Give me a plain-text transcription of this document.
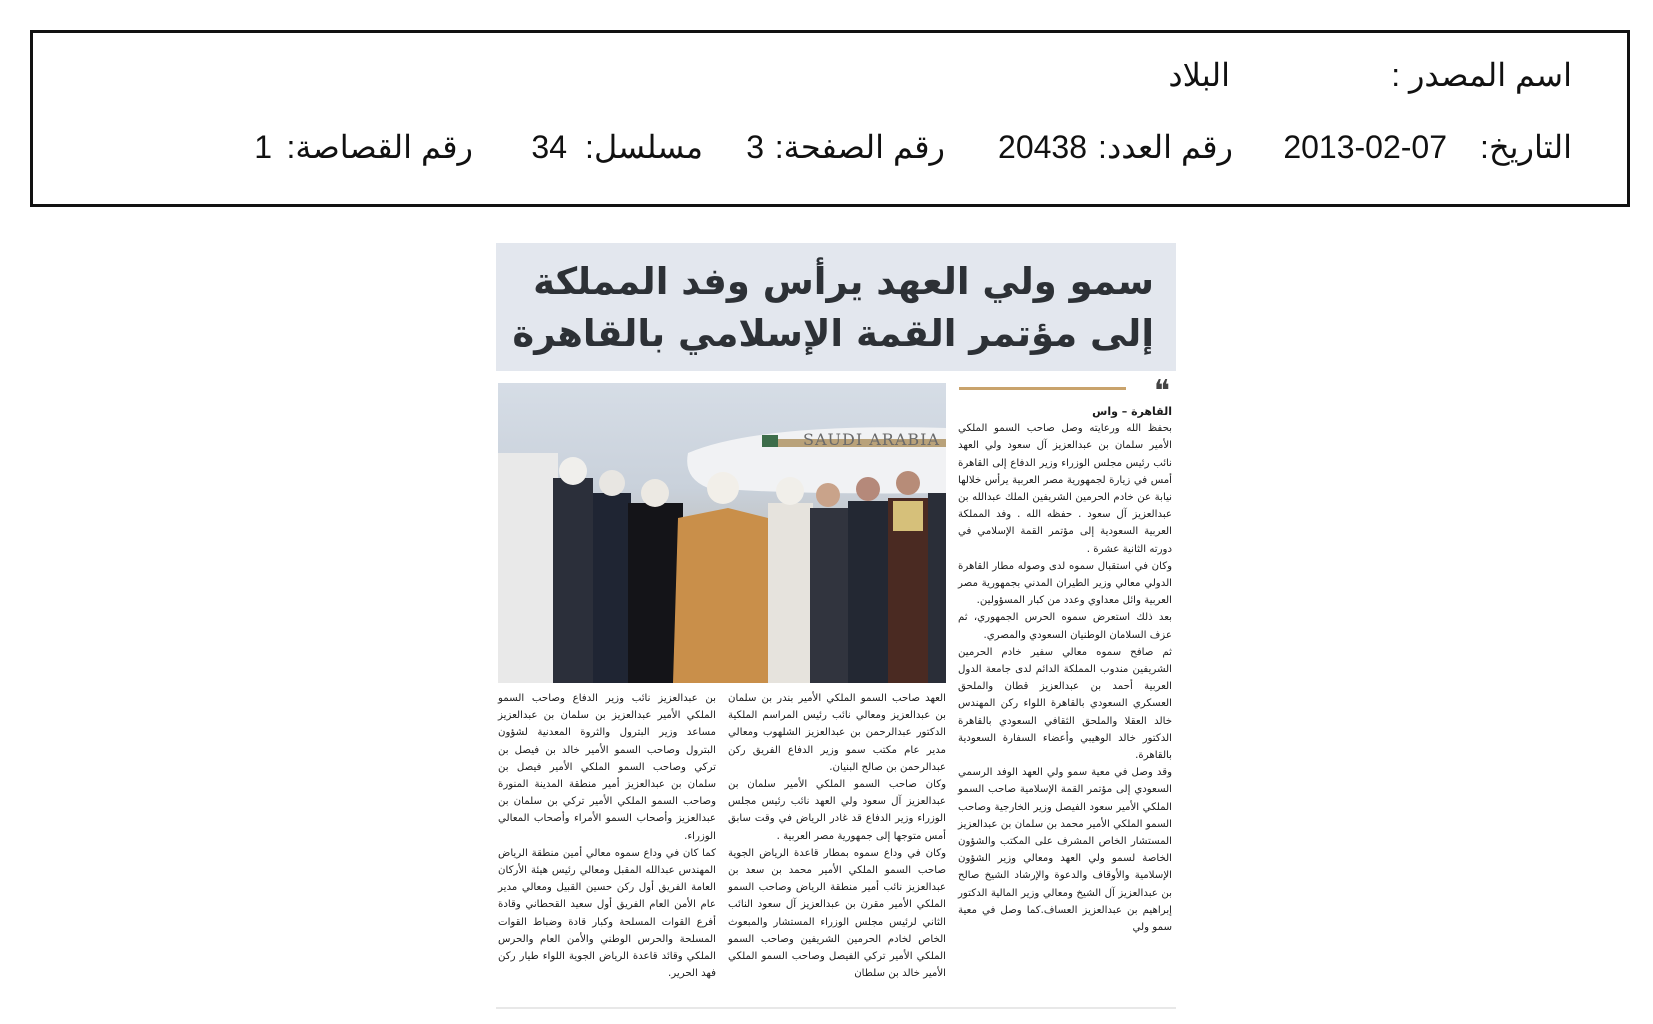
اسم المصدر :
البلاد
التاريخ:
2013-02-07
رقم العدد:
20438
رقم الصفحة:
3
مسلسل:
34
رقم القصاصة:
1
سمو ولي العهد يرأس وفد المملكة
إلى مؤتمر القمة الإسلامي بالقاهرة
SAUDI ARABIA
❝

القاهرة – واس

بحفظ الله ورعايته وصل صاحب السمو الملكي الأمير سلمان بن عبدالعزيز آل سعود ولي العهد نائب رئيس مجلس الوزراء وزير الدفاع إلى القاهرة أمس في زيارة لجمهورية مصر العربية يرأس خلالها نيابة عن خادم الحرمين الشريفين الملك عبدالله بن عبدالعزيز آل سعود . حفظه الله . وفد المملكة العربية السعودية إلى مؤتمر القمة الإسلامي في دورته الثانية عشرة .

وكان في استقبال سموه لدى وصوله مطار القاهرة الدولي معالي وزير الطيران المدني بجمهورية مصر العربية وائل معداوي وعدد من كبار المسؤولين.

بعد ذلك استعرض سموه الحرس الجمهوري، ثم عزف السلامان الوطنيان السعودي والمصري.

ثم صافح سموه معالي سفير خادم الحرمين الشريفين مندوب المملكة الدائم لدى جامعة الدول العربية أحمد بن عبدالعزيز قطان والملحق العسكري السعودي بالقاهرة اللواء ركن المهندس خالد العقلا والملحق الثقافي السعودي بالقاهرة الدكتور خالد الوهيبي وأعضاء السفارة السعودية بالقاهرة.

وقد وصل في معية سمو ولي العهد الوفد الرسمي السعودي إلى مؤتمر القمة الإسلامية صاحب السمو الملكي الأمير سعود الفيصل وزير الخارجية وصاحب السمو الملكي الأمير محمد بن سلمان بن عبدالعزيز المستشار الخاص المشرف على المكتب والشؤون الخاصة لسمو ولي العهد ومعالي وزير الشؤون الإسلامية والأوقاف والدعوة والإرشاد الشيخ صالح بن عبدالعزيز آل الشيخ ومعالي وزير المالية الدكتور إبراهيم بن عبدالعزيز العساف.كما وصل في معية سمو ولي

العهد صاحب السمو الملكي الأمير بندر بن سلمان بن عبدالعزيز ومعالي نائب رئيس المراسم الملكية الدكتور عبدالرحمن بن عبدالعزيز الشلهوب ومعالي مدير عام مكتب سمو وزير الدفاع الفريق ركن عبدالرحمن بن صالح البنيان.

وكان صاحب السمو الملكي الأمير سلمان بن عبدالعزيز آل سعود ولي العهد نائب رئيس مجلس الوزراء وزير الدفاع قد غادر الرياض في وقت سابق أمس متوجها إلى جمهورية مصر العربية .

وكان في وداع سموه بمطار قاعدة الرياض الجوية صاحب السمو الملكي الأمير محمد بن سعد بن عبدالعزيز نائب أمير منطقة الرياض وصاحب السمو الملكي الأمير مقرن بن عبدالعزيز آل سعود النائب الثاني لرئيس مجلس الوزراء المستشار والمبعوث الخاص لخادم الحرمين الشريفين وصاحب السمو الملكي الأمير تركي الفيصل وصاحب السمو الملكي الأمير خالد بن سلطان

بن عبدالعزيز نائب وزير الدفاع وصاحب السمو الملكي الأمير عبدالعزيز بن سلمان بن عبدالعزيز مساعد وزير البترول والثروة المعدنية لشؤون البترول وصاحب السمو الأمير خالد بن فيصل بن تركي وصاحب السمو الملكي الأمير فيصل بن سلمان بن عبدالعزيز أمير منطقة المدينة المنورة وصاحب السمو الملكي الأمير تركي بن سلمان بن عبدالعزيز وأصحاب السمو الأمراء وأصحاب المعالي الوزراء.

كما كان في وداع سموه معالي أمين منطقة الرياض المهندس عبدالله المقبل ومعالي رئيس هيئة الأركان العامة الفريق أول ركن حسين القبيل ومعالي مدير عام الأمن العام الفريق أول سعيد القحطاني وقادة أفرع القوات المسلحة وكبار قادة وضباط القوات المسلحة والحرس الوطني والأمن العام والحرس الملكي وقائد قاعدة الرياض الجوية اللواء طيار ركن فهد الحرير.
